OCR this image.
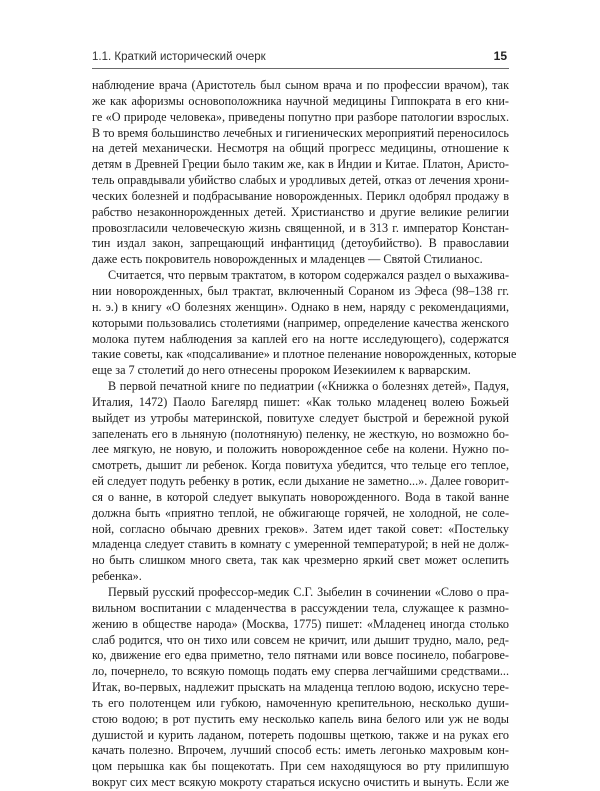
1.1. Краткий исторический очерк	15
наблюдение врача (Аристотель был сыном врача и по профессии врачом), так
же как афоризмы основоположника научной медицины Гиппократа в его кни-
ге «О природе человека», приведены попутно при разборе патологии взрослых.
В то время большинство лечебных и гигиенических мероприятий переносилось
на детей механически. Несмотря на общий прогресс медицины, отношение к
детям в Древней Греции было таким же, как в Индии и Китае. Платон, Аристо-
тель оправдывали убийство слабых и уродливых детей, отказ от лечения хрони-
ческих болезней и подбрасывание новорожденных. Перикл одобрял продажу в
рабство незаконнорожденных детей. Христианство и другие великие религии
провозгласили человеческую жизнь священной, и в 313 г. император Констан-
тин издал закон, запрещающий инфантицид (детоубийство). В православии
даже есть покровитель новорожденных и младенцев — Святой Стилианос.
Считается, что первым трактатом, в котором содержался раздел о выхажива-
нии новорожденных, был трактат, включенный Сораном из Эфеса (98–138 гг.
н. э.) в книгу «О болезнях женщин». Однако в нем, наряду с рекомендациями,
которыми пользовались столетиями (например, определение качества женского
молока путем наблюдения за каплей его на ногте исследующего), содержатся
такие советы, как «подсаливание» и плотное пеленание новорожденных, которые
еще за 7 столетий до него отнесены пророком Иезекиилем к варварским.
В первой печатной книге по педиатрии («Книжка о болезнях детей», Падуя,
Италия, 1472) Паоло Багелярд пишет: «Как только младенец волею Божьей
выйдет из утробы материнской, повитухе следует быстрой и бережной рукой
запеленать его в льняную (полотняную) пеленку, не жесткую, но возможно бо-
лее мягкую, не новую, и положить новорожденное себе на колени. Нужно по-
смотреть, дышит ли ребенок. Когда повитуха убедится, что тельце его теплое,
ей следует подуть ребенку в ротик, если дыхание не заметно...». Далее говорит-
ся о ванне, в которой следует выкупать новорожденного. Вода в такой ванне
должна быть «приятно теплой, не обжигающе горячей, не холодной, не соле-
ной, согласно обычаю древних греков». Затем идет такой совет: «Постельку
младенца следует ставить в комнату с умеренной температурой; в ней не долж-
но быть слишком много света, так как чрезмерно яркий свет может ослепить
ребенка».
Первый русский профессор-медик С.Г. Зыбелин в сочинении «Слово о пра-
вильном воспитании с младенчества в рассуждении тела, служащее к размно-
жению в обществе народа» (Москва, 1775) пишет: «Младенец иногда столько
слаб родится, что он тихо или совсем не кричит, или дышит трудно, мало, ред-
ко, движение его едва приметно, тело пятнами или вовсе посинело, побагрове-
ло, почернело, то всякую помощь подать ему сперва легчайшими средствами...
Итак, во-первых, надлежит прыскать на младенца теплою водою, искусно тере-
ть его полотенцем или губкою, намоченную крепительною, несколько души-
стою водою; в рот пустить ему несколько капель вина белого или уж не воды
душистой и курить ладаном, потереть подошвы щеткою, также и на руках его
качать полезно. Впрочем, лучший способ есть: иметь легонько махровым кон-
цом перышка как бы пощекотать. При сем находящуюся во рту прилипшую
вокруг сих мест всякую мокроту стараться искусно очистить и вынуть. Если же
